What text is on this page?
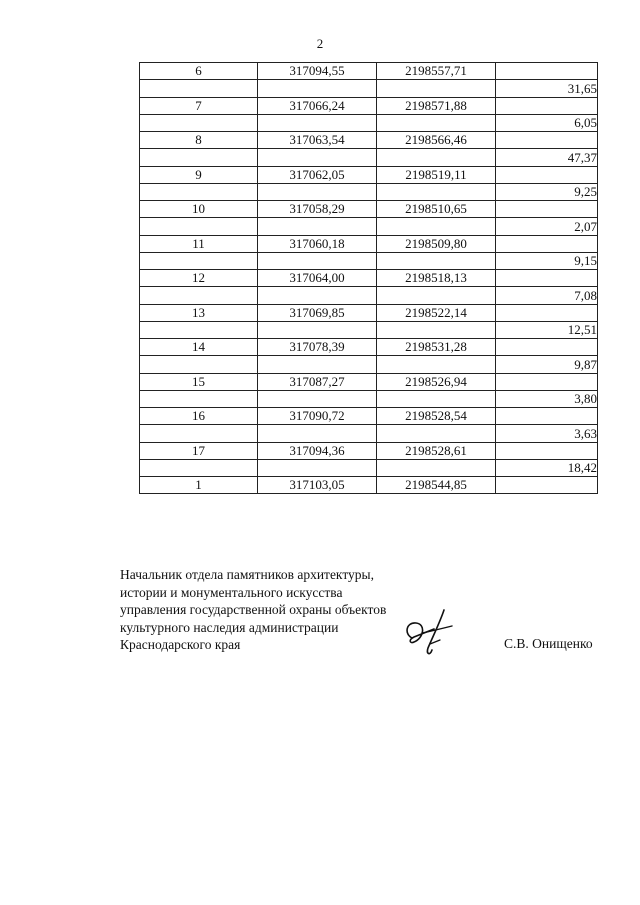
2
6	317094,55	2198557,71	
			31,65
7	317066,24	2198571,88	
			6,05
8	317063,54	2198566,46	
			47,37
9	317062,05	2198519,11	
			9,25
10	317058,29	2198510,65	
			2,07
11	317060,18	2198509,80	
			9,15
12	317064,00	2198518,13	
			7,08
13	317069,85	2198522,14	
			12,51
14	317078,39	2198531,28	
			9,87
15	317087,27	2198526,94	
			3,80
16	317090,72	2198528,54	
			3,63
17	317094,36	2198528,61	
			18,42
1	317103,05	2198544,85	
Начальник отдела памятников архитектуры,
истории и монументального искусства
управления государственной охраны объектов
культурного наследия администрации
Краснодарского края	С.В. Онищенко
